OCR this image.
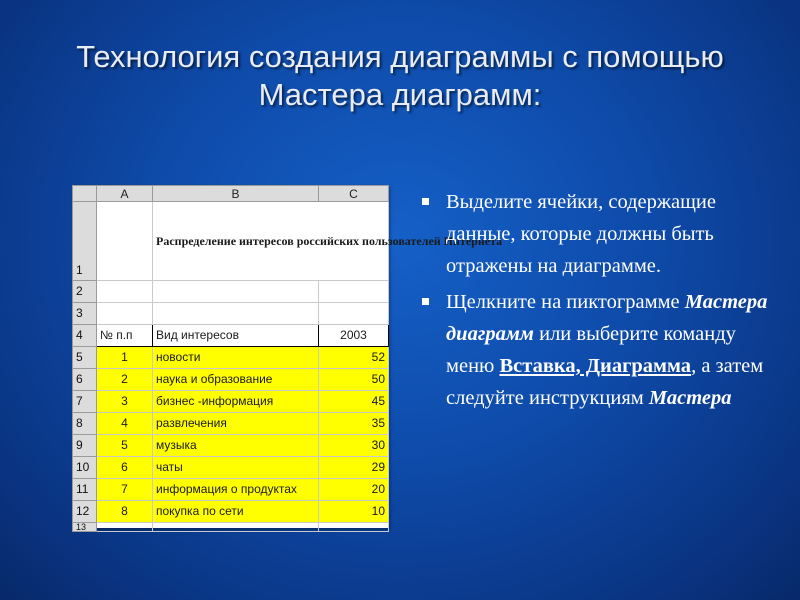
Технология создания диаграммы с помощью
Мастера диаграмм:
	A	B	C
1		Распределение интересов российских пользователей Интернета	
2			
3			
4	№ п.п	Вид интересов	2003
5	1	новости	52
6	2	наука и образование	50
7	3	бизнес -информация	45
8	4	развлечения	35
9	5	музыка	30
10	6	чаты	29
11	7	информация о продуктах	20
12	8	покупка по сети	10
13			
Выделите ячейки, содержащие данные, которые должны быть отражены на диаграмме.
Щелкните на пиктограмме Мастера диаграмм или выберите команду меню Вставка, Диаграмма, а затем следуйте инструкциям Мастера
